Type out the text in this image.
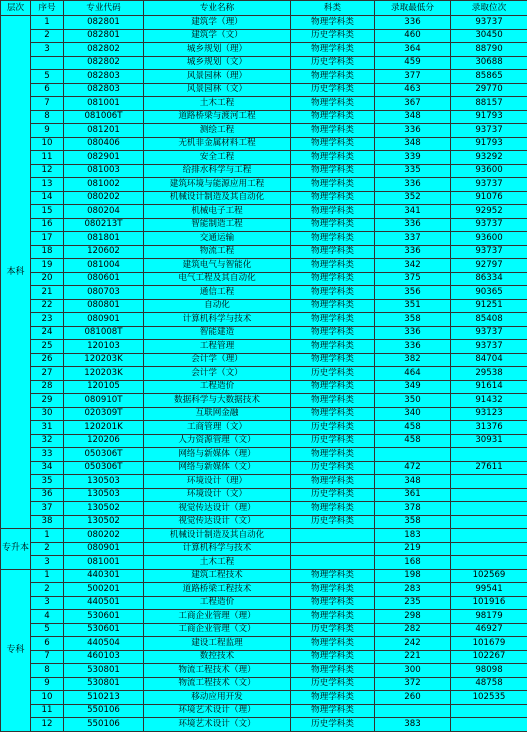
层次	序号	专业代码	专业名称	科类	录取最低分	录取位次
本科	1	082801	建筑学（理）	物理学科类	336	93737
	2	082801	建筑学（文）	历史学科类	460	30450
	3	082802	城乡规划（理）	物理学科类	364	88790
		082802	城乡规划（文）	历史学科类	459	30688
	5	082803	风景园林（理）	物理学科类	377	85865
	6	082803	风景园林（文）	历史学科类	463	29770
	7	081001	土木工程	物理学科类	367	88157
	8	081006T	道路桥梁与渡河工程	物理学科类	348	91793
	9	081201	测绘工程	物理学科类	336	93737
	10	080406	无机非金属材料工程	物理学科类	348	91793
	11	082901	安全工程	物理学科类	339	93292
	12	081003	给排水科学与工程	物理学科类	335	93600
	13	081002	建筑环境与能源应用工程	物理学科类	336	93737
	14	080202	机械设计制造及其自动化	物理学科类	352	91076
	15	080204	机械电子工程	物理学科类	341	92952
	16	080213T	智能制造工程	物理学科类	336	93737
	17	081801	交通运输	物理学科类	337	93600
	18	120602	物流工程	物理学科类	336	93737
	19	081004	建筑电气与智能化	物理学科类	342	92797
	20	080601	电气工程及其自动化	物理学科类	375	86334
	21	080703	通信工程	物理学科类	356	90365
	22	080801	自动化	物理学科类	351	91251
	23	080901	计算机科学与技术	物理学科类	358	85408
	24	081008T	智能建造	物理学科类	336	93737
	25	120103	工程管理	物理学科类	336	93737
	26	120203K	会计学（理）	物理学科类	382	84704
	27	120203K	会计学（文）	历史学科类	464	29538
	28	120105	工程造价	物理学科类	349	91614
	29	080910T	数据科学与大数据技术	物理学科类	350	91432
	30	020309T	互联网金融	物理学科类	340	93123
	31	120201K	工商管理（文）	历史学科类	458	31376
	32	120206	人力资源管理（文）	历史学科类	458	30931
	33	050306T	网络与新媒体（理）	物理学科类		
	34	050306T	网络与新媒体（文）	历史学科类	472	27611
	35	130503	环境设计（理）	物理学科类	348	
	36	130503	环境设计（文）	历史学科类	361	
	37	130502	视觉传达设计（理）	物理学科类	378	
	38	130502	视觉传达设计（文）	历史学科类	358	
专升本	1	080202	机械设计制造及其自动化		183	
	2	080901	计算机科学与技术		219	
	3	081001	土木工程		168	
专科	1	440301	建筑工程技术	物理学科类	198	102569
	2	500201	道路桥梁工程技术	物理学科类	283	99541
	3	440501	工程造价	物理学科类	235	101916
	4	530601	工商企业管理（理）	物理学科类	298	98179
	5	530601	工商企业管理（文）	历史学科类	282	46927
	6	440504	建设工程监理	物理学科类	242	101679
	7	460103	数控技术	物理学科类	221	102267
	8	530801	物流工程技术（理）	物理学科类	300	98098
	9	530801	物流工程技术（文）	历史学科类	372	48758
	10	510213	移动应用开发	物理学科类	260	102535
	11	550106	环境艺术设计（理）	物理学科类		
	12	550106	环境艺术设计（文）	历史学科类	383	
